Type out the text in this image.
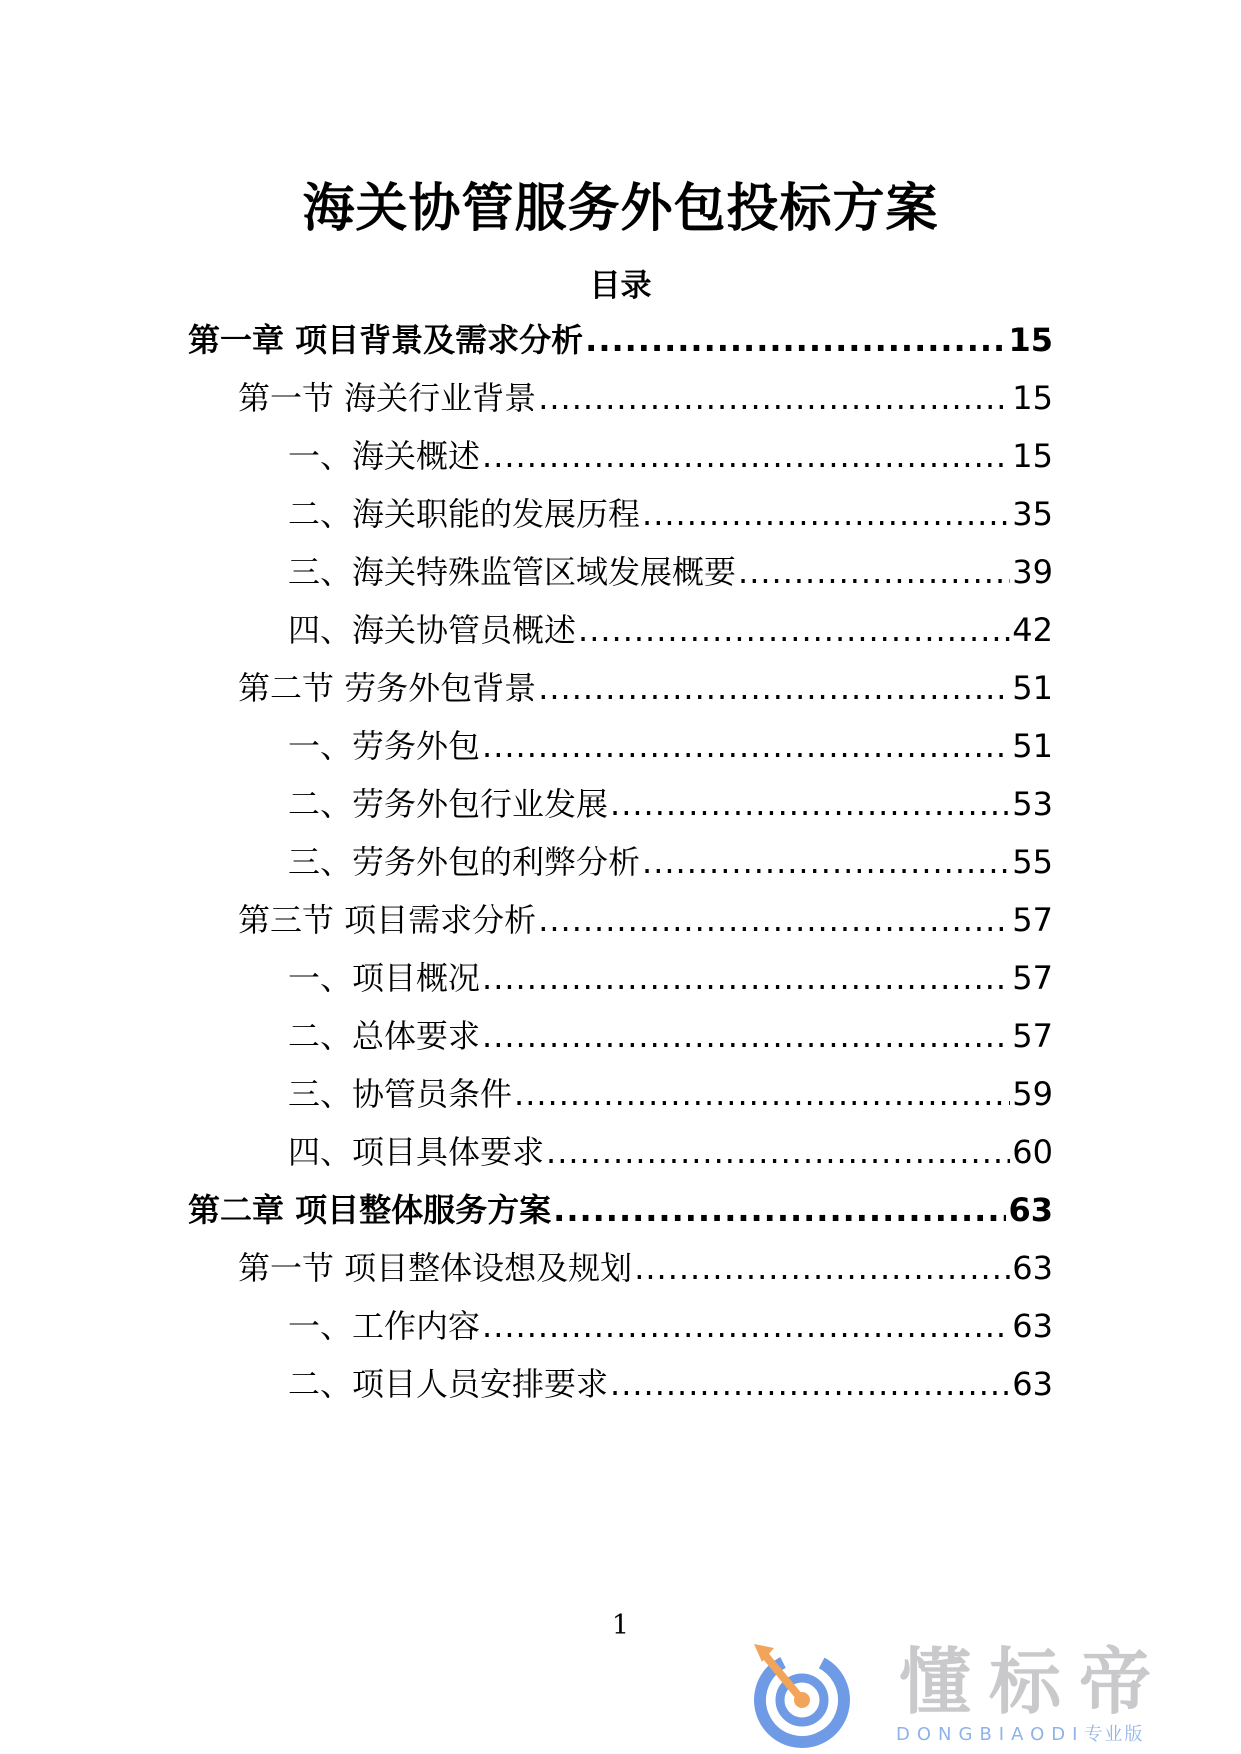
海关协管服务外包投标方案
目录
第一章 项目背景及需求分析 .....	15
第一节 海关行业背景 .....	15
一、海关概述 .....	15
二、海关职能的发展历程 .....	35
三、海关特殊监管区域发展概要 .....	39
四、海关协管员概述 .....	42
第二节 劳务外包背景 .....	51
一、劳务外包 .....	51
二、劳务外包行业发展 .....	53
三、劳务外包的利弊分析 .....	55
第三节 项目需求分析 .....	57
一、项目概况 .....	57
二、总体要求 .....	57
三、协管员条件 .....	59
四、项目具体要求 .....	60
第二章 项目整体服务方案 .....	63
第一节 项目整体设想及规划 .....	63
一、工作内容 .....	63
二、项目人员安排要求 .....	63
1
懂标帝
DONGBIAODI专业版
